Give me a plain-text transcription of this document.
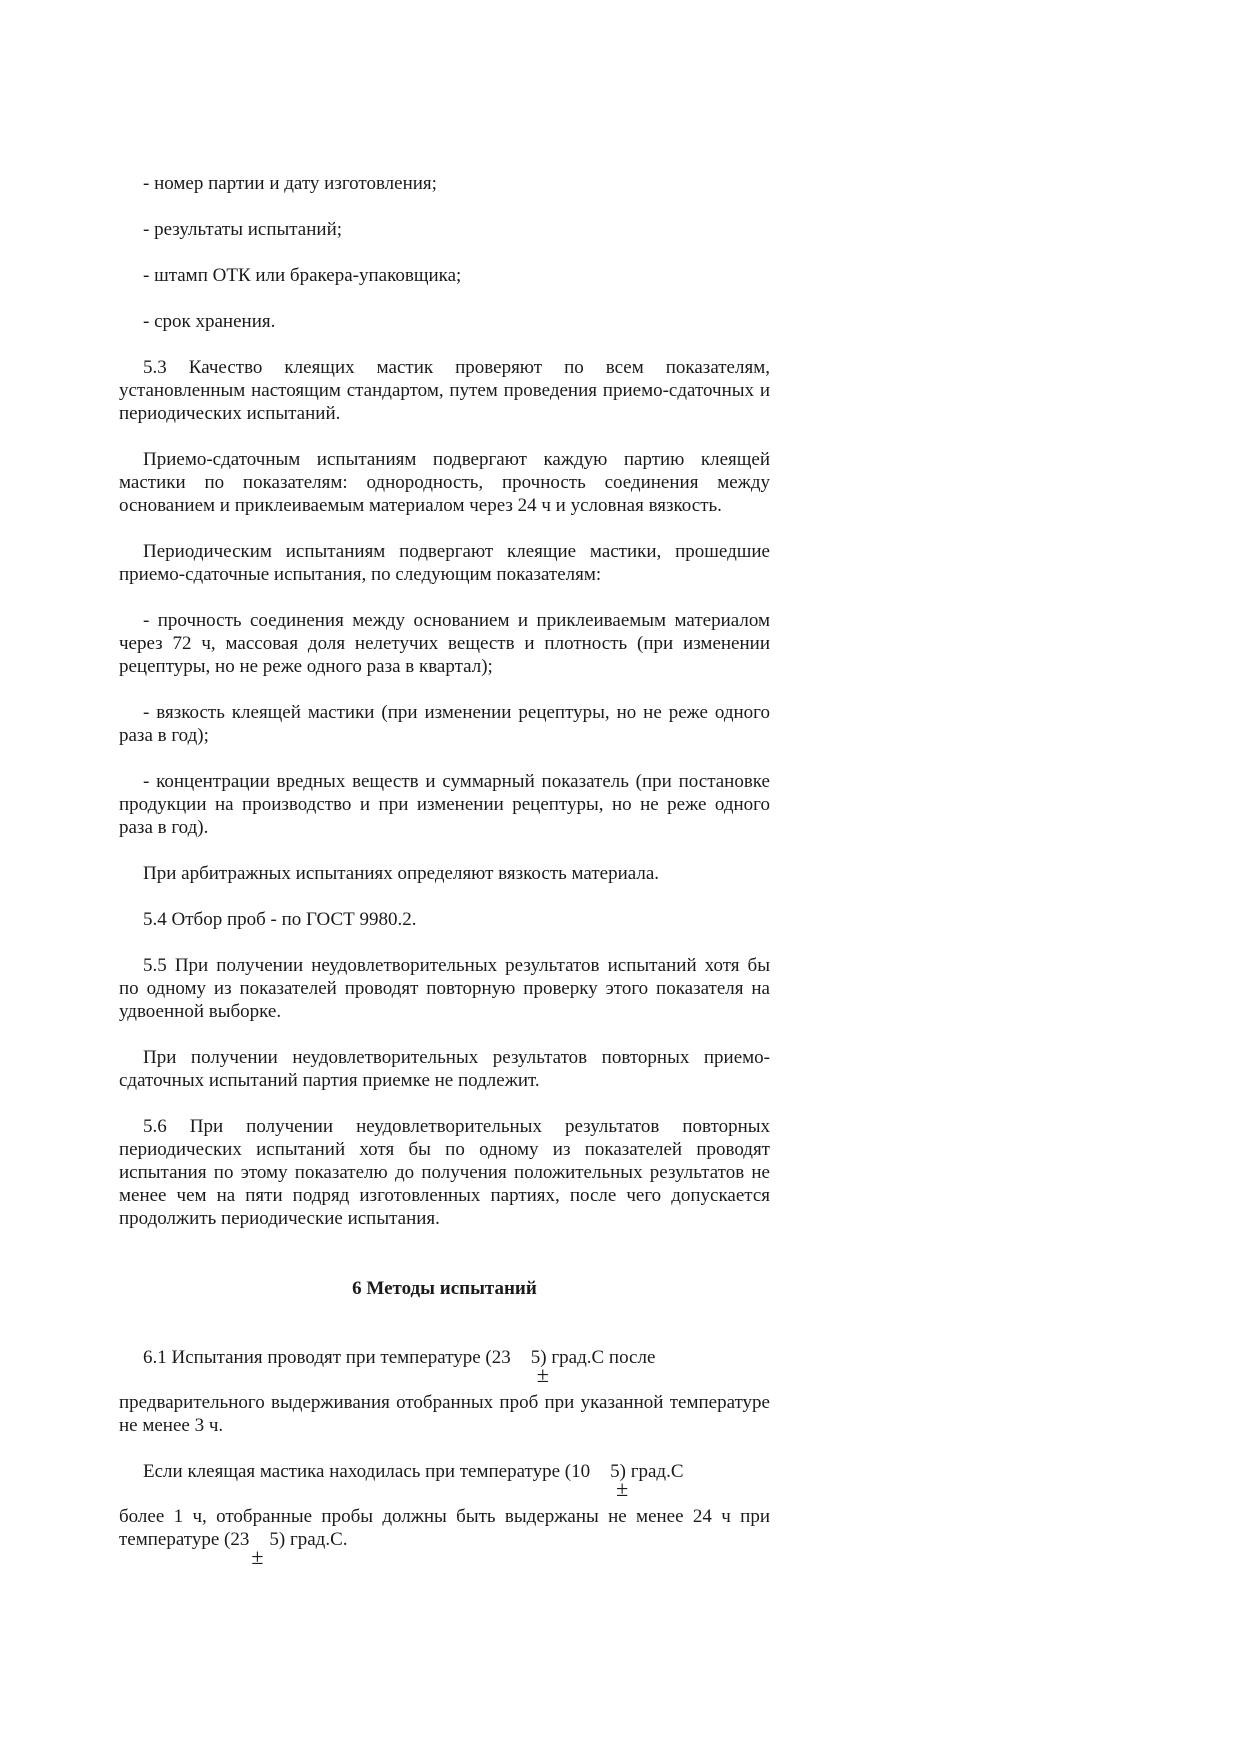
- номер партии и дату изготовления;

- результаты испытаний;

- штамп ОТК или бракера-упаковщика;

- срок хранения.

5.3 Качество клеящих мастик проверяют по всем показателям, установленным настоящим стандартом, путем проведения приемо-сдаточных и периодических испытаний.

Приемо-сдаточным испытаниям подвергают каждую партию клеящей мастики по показателям: однородность, прочность соединения между основанием и приклеиваемым материалом через 24 ч и условная вязкость.

Периодическим испытаниям подвергают клеящие мастики, прошедшие приемо-сдаточные испытания, по следующим показателям:

- прочность соединения между основанием и приклеиваемым материалом через 72 ч, массовая доля нелетучих веществ и плотность (при изменении рецептуры, но не реже одного раза в квартал);

- вязкость клеящей мастики (при изменении рецептуры, но не реже одного раза в год);

- концентрации вредных веществ и суммарный показатель (при постановке продукции на производство и при изменении рецептуры, но не реже одного раза в год).

При арбитражных испытаниях определяют вязкость материала.

5.4 Отбор проб - по ГОСТ 9980.2.

5.5 При получении неудовлетворительных результатов испытаний хотя бы по одному из показателей проводят повторную проверку этого показателя на удвоенной выборке.

При получении неудовлетворительных результатов повторных приемо-сдаточных испытаний партия приемке не подлежит.

5.6 При получении неудовлетворительных результатов повторных периодических испытаний хотя бы по одному из показателей проводят испытания по этому показателю до получения положительных результатов не менее чем на пяти подряд изготовленных партиях, после чего допускается продолжить периодические испытания.

6 Методы испытаний

6.1 Испытания проводят при температуре (23
±
5) град.С после

предварительного выдерживания отобранных проб при указанной температуре не менее 3 ч.

Если клеящая мастика находилась при температуре (10
±
5) град.С

более 1 ч, отобранные пробы должны быть выдержаны не менее 24 ч при температуре (23
±
5) град.С.
